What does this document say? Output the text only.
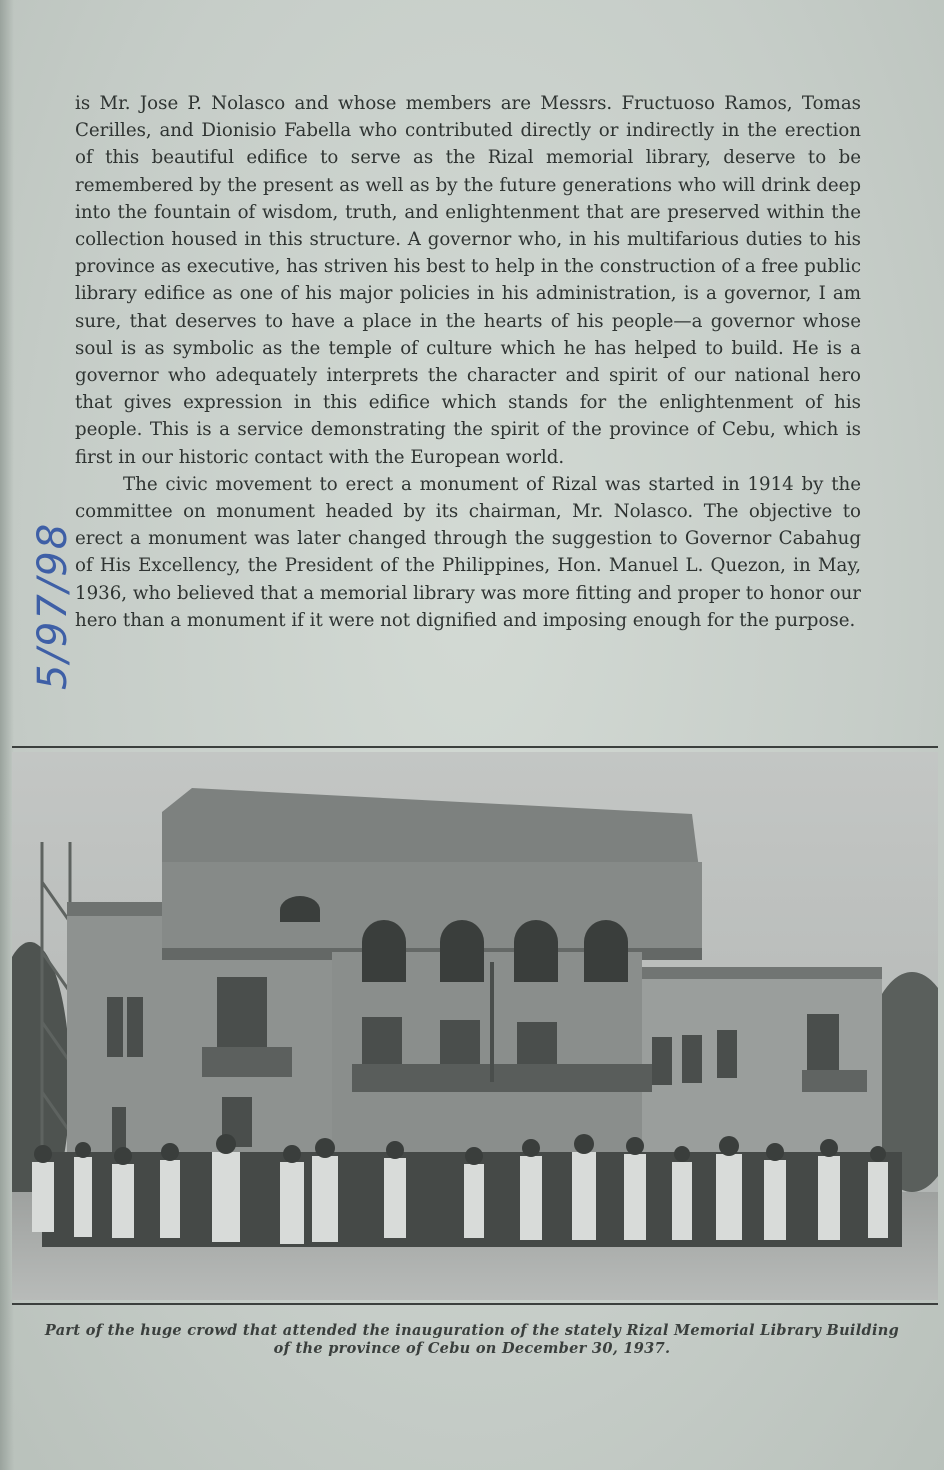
is Mr. Jose P. Nolasco and whose members are Messrs. Fructuoso Ramos, Tomas Cerilles, and Dionisio Fabella who contributed directly or indirectly in the erection of this beautiful edifice to serve as the Rizal memorial library, deserve to be remembered by the present as well as by the future generations who will drink deep into the fountain of wisdom, truth, and enlightenment that are preserved within the collection housed in this structure. A governor who, in his multifarious duties to his province as executive, has striven his best to help in the construction of a free public library edifice as one of his major policies in his administration, is a governor, I am sure, that deserves to have a place in the hearts of his people—a governor whose soul is as symbolic as the temple of culture which he has helped to build. He is a governor who adequately interprets the character and spirit of our national hero that gives expression in this edifice which stands for the enlightenment of his people. This is a service demonstrating the spirit of the province of Cebu, which is first in our historic contact with the European world.

The civic movement to erect a monument of Rizal was started in 1914 by the committee on monument headed by its chairman, Mr. Nolasco. The objective to erect a monument was later changed through the suggestion to Governor Cabahug of His Excellency, the President of the Philippines, Hon. Manuel L. Quezon, in May, 1936, who believed that a memorial library was more fitting and proper to honor our hero than a monument if it were not dignified and imposing enough for the purpose.

5/97/98
Part of the huge crowd that attended the inauguration of the stately Rizal Memorial Library Building of the province of Cebu on December 30, 1937.
